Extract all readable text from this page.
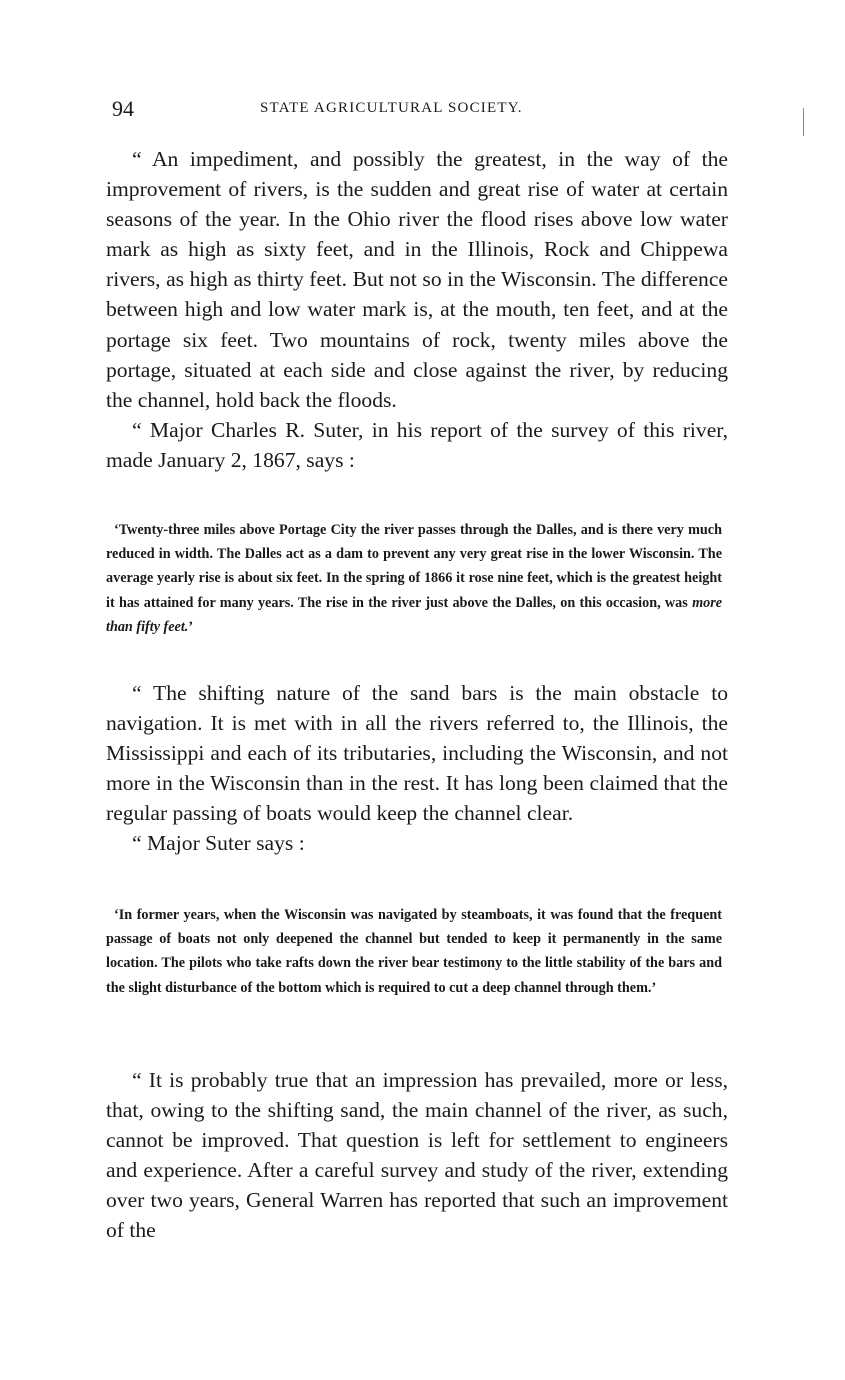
94	STATE AGRICULTURAL SOCIETY.

“ An impediment, and possibly the greatest, in the way of the improvement of rivers, is the sudden and great rise of water at certain seasons of the year. In the Ohio river the flood rises above low water mark as high as sixty feet, and in the Illinois, Rock and Chippewa rivers, as high as thirty feet. But not so in the Wisconsin. The difference between high and low water mark is, at the mouth, ten feet, and at the portage six feet. Two mountains of rock, twenty miles above the portage, situated at each side and close against the river, by reducing the channel, hold back the floods.

“ Major Charles R. Suter, in his report of the survey of this river, made January 2, 1867, says :

‘Twenty-three miles above Portage City the river passes through the Dalles, and is there very much reduced in width. The Dalles act as a dam to prevent any very great rise in the lower Wisconsin. The average yearly rise is about six feet. In the spring of 1866 it rose nine feet, which is the greatest height it has attained for many years. The rise in the river just above the Dalles, on this occasion, was more than fifty feet.’

“ The shifting nature of the sand bars is the main obstacle to navigation. It is met with in all the rivers referred to, the Illinois, the Mississippi and each of its tributaries, including the Wisconsin, and not more in the Wisconsin than in the rest. It has long been claimed that the regular passing of boats would keep the channel clear.

“ Major Suter says :

‘In former years, when the Wisconsin was navigated by steamboats, it was found that the frequent passage of boats not only deepened the channel but tended to keep it permanently in the same location. The pilots who take rafts down the river bear testimony to the little stability of the bars and the slight disturbance of the bottom which is required to cut a deep channel through them.’

“ It is probably true that an impression has prevailed, more or less, that, owing to the shifting sand, the main channel of the river, as such, cannot be improved. That question is left for settlement to engineers and experience. After a careful survey and study of the river, extending over two years, General Warren has reported that such an improvement of the
